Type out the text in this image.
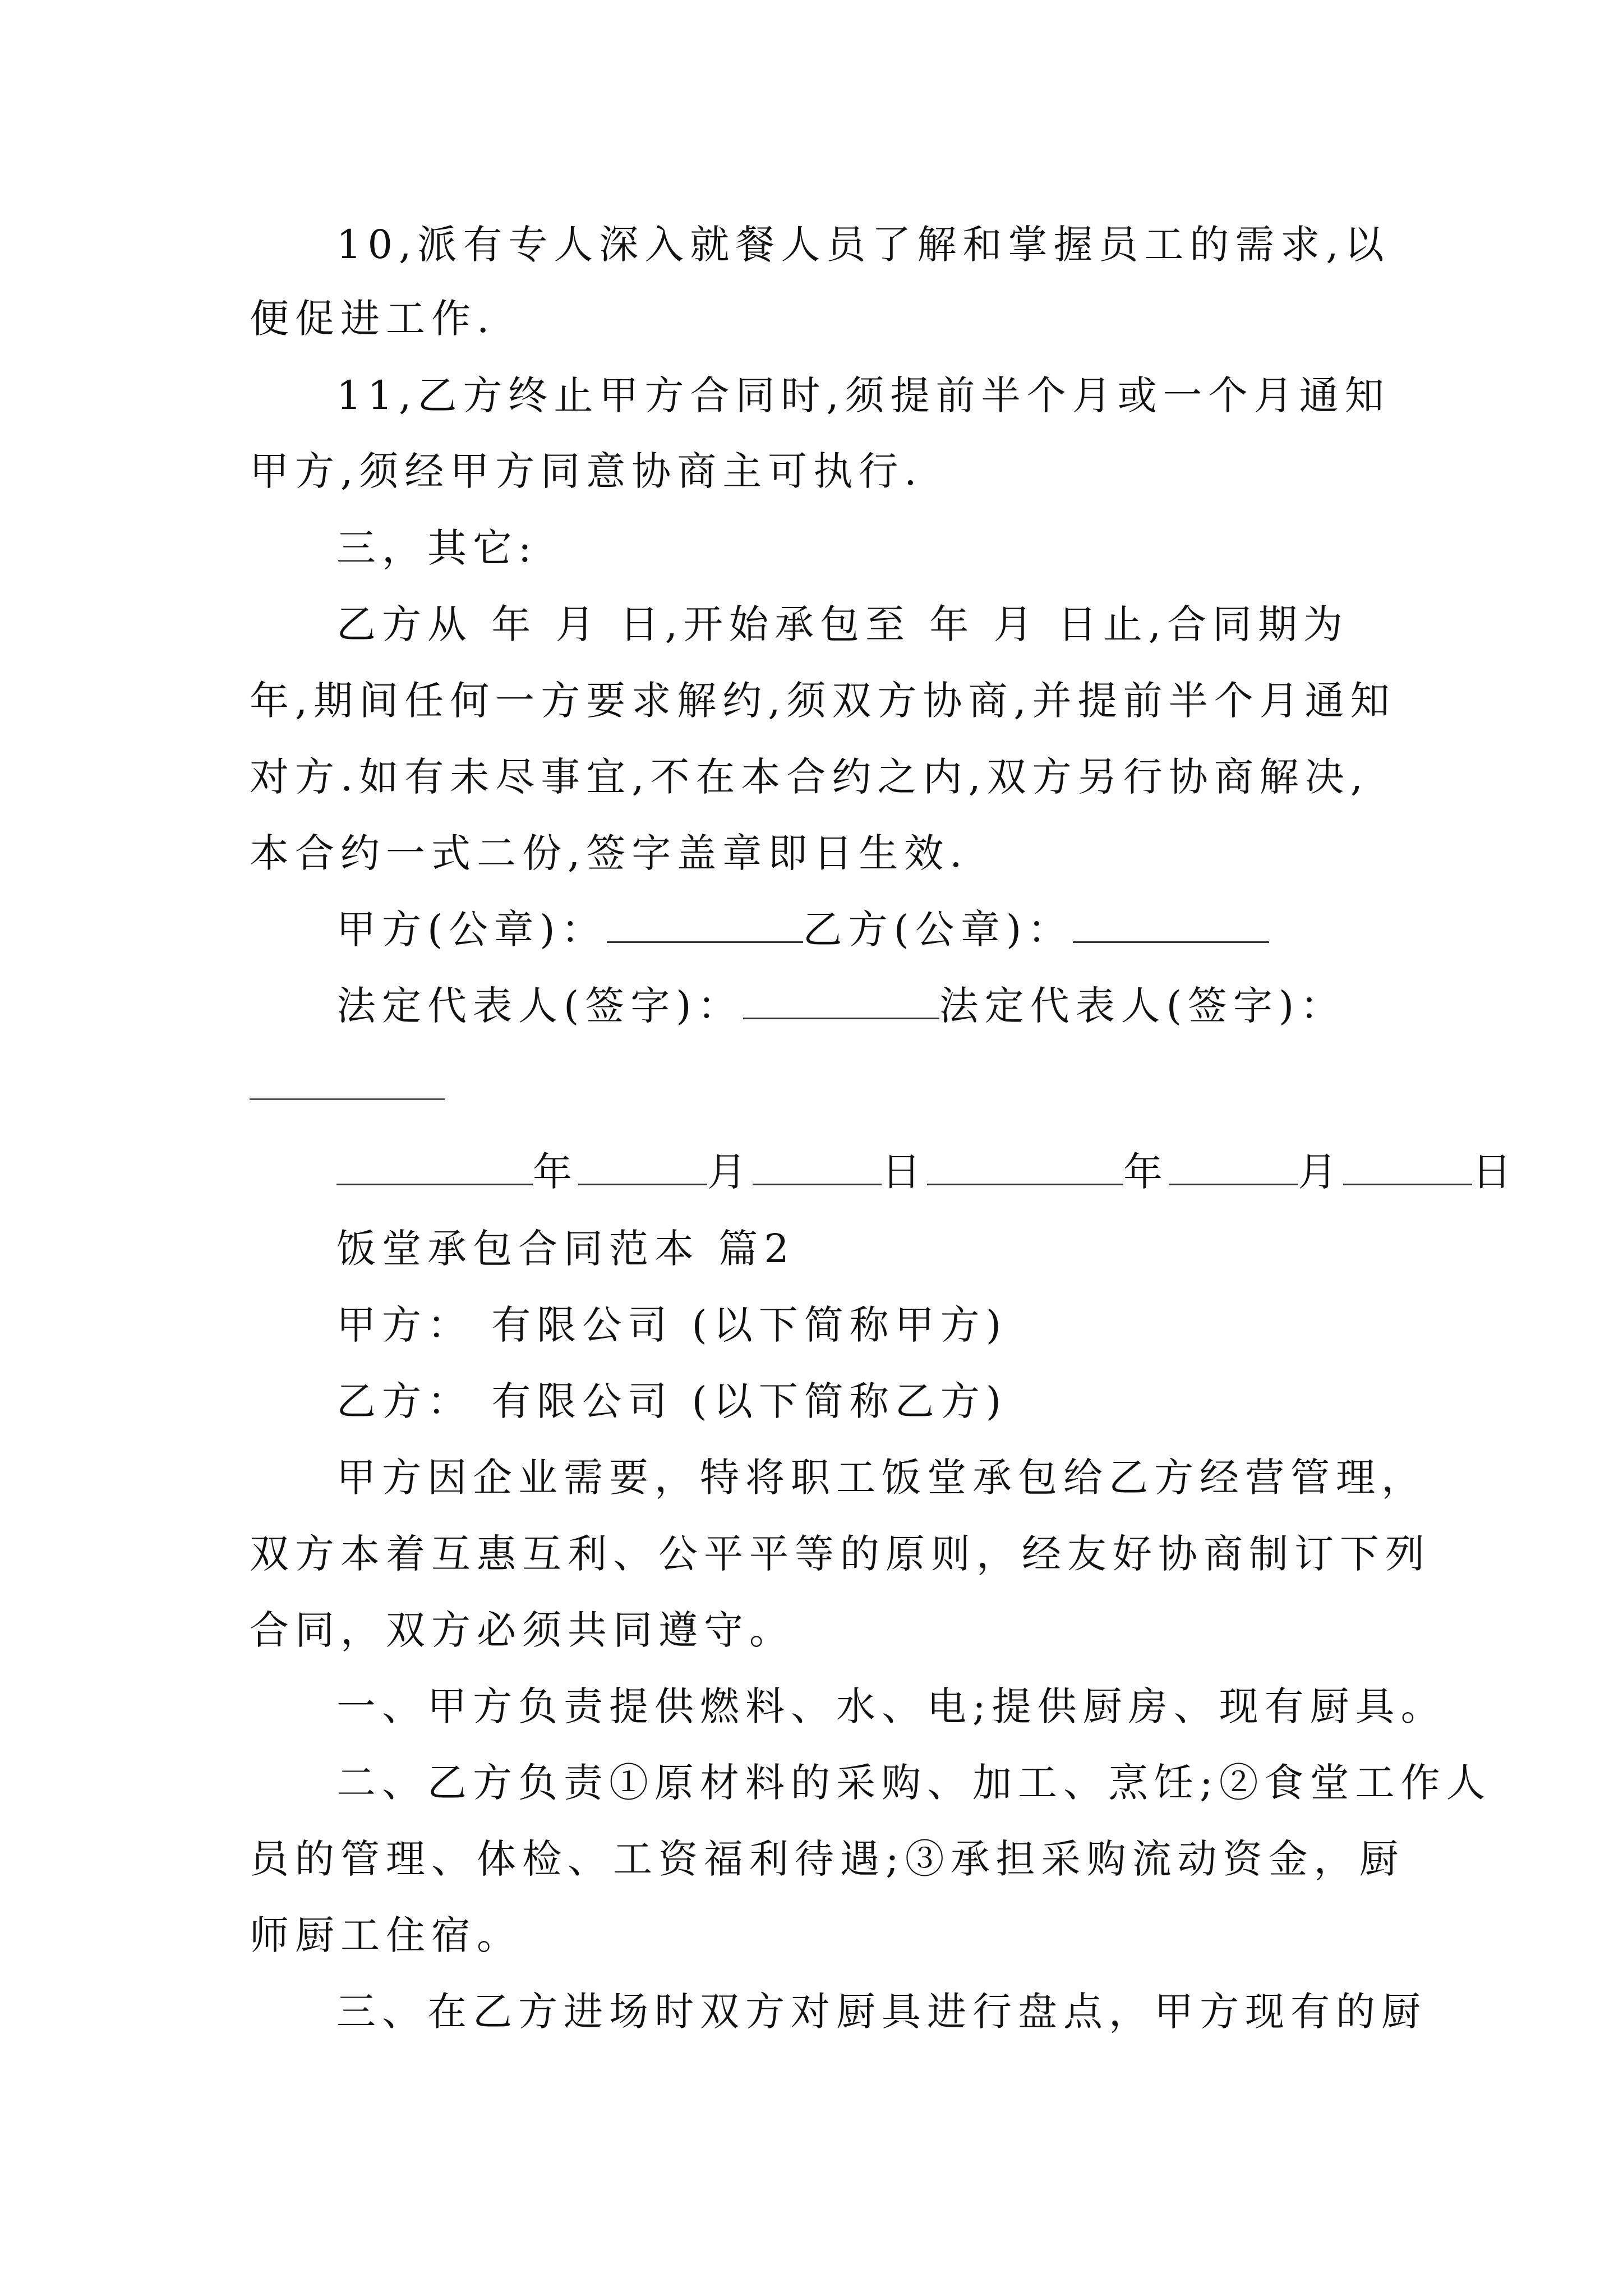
10,派有专人深入就餐人员了解和掌握员工的需求,以
便促进工作.
11,乙方终止甲方合同时,须提前半个月或一个月通知
甲方,须经甲方同意协商主可执行.
三，其它:
乙方从 年 月 日,开始承包至 年 月 日止,合同期为
年,期间任何一方要求解约,须双方协商,并提前半个月通知
对方.如有未尽事宜,不在本合约之内,双方另行协商解决,
本合约一式二份,签字盖章即日生效.
甲方(公章)：	乙方(公章)：
法定代表人(签字)：	法定代表人(签字)：
年	月	日	年	月	日
饭堂承包合同范本 篇2
甲方： 有限公司 (以下简称甲方)
乙方： 有限公司 (以下简称乙方)
甲方因企业需要，特将职工饭堂承包给乙方经营管理，
双方本着互惠互利、公平平等的原则，经友好协商制订下列
合同，双方必须共同遵守。
一、甲方负责提供燃料、水、电;提供厨房、现有厨具。
二、乙方负责①原材料的采购、加工、烹饪;②食堂工作人
员的管理、体检、工资福利待遇;③承担采购流动资金，厨
师厨工住宿。
三、在乙方进场时双方对厨具进行盘点，甲方现有的厨
